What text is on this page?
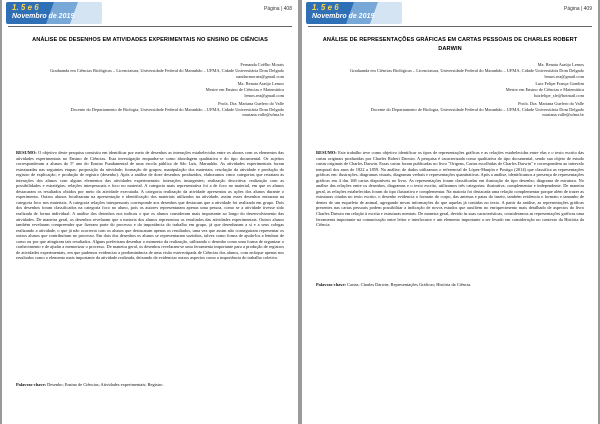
1. 5 e 6
Novembro de 2019
Página | 408
ANÁLISE DE DESENHOS EM ATIVIDADES EXPERIMENTAIS NO ENSINO DE CIÊNCIAS
Fernanda Coêlho Morais
Graduanda em Ciências Biológicas – Licenciatura, Universidade Federal do Maranhão – UFMA, Cidade Universitária Dom Delgado
nandacmoraes@gmail.com
Ma. Renata Araújo Lemos
Mestre em Ensino de Ciências e Matemática
lemos.rea@gmail.com
Profa. Dra. Mariana Guelero do Valle
Docente do Departamento de Biologia, Universidade Federal do Maranhão – UFMA, Cidade Universitária Dom Delgado
mariana.valle@ufma.br
RESUMO: O objetivo deste pesquisa consistiu em identificar por meio de desenhos as interações estabelecidas entre os alunos com os elementos das atividades experimentais no Ensino de Ciências. Esta investigação enquadra-se como abordagem qualitativa e do tipo documental. Os sujeitos corresponderam a alunos do 5º ano do Ensino Fundamental de uma escola pública de São Luís, Maranhão. As atividades experimentais foram estruturadas nas seguintes etapas: proposição da atividade; formação de grupos; manipulação dos materiais; resolução da atividade e produção do registro de explicação; e produção de registro (desenho). Após a análise de doze desenhos produzidos, elaboramos cinco categorias que retratam as interações dos alunos com alguns elementos das atividades experimentais: interações insurgentes; realização descritiva; realização com as possibilidades e estratégias; relações interpessoais e foco no material. A categoria mais representativa foi a de foco no material, em que os alunos destacaram os resultados obtidos por meio da atividade executada. A categoria realização da atividade apresentou as ações dos alunos durante o experimento. Outros alunos focalizaram na apresentação e identificação dos materiais utilizados na atividade, assim esses desenhos entraram na categoria foco nos materiais. A categoria relações interpessoais corresponde aos desenhos que destacam que a atividade foi realizada em grupo. Dois dos desenhos foram classificados na categoria foco no aluno, pois os autores representaram apenas uma pessoa, como se a atividade tivesse sido realizada de forma individual. A análise dos desenhos nos indicou o que os alunos consideram mais importante ao longo do desenvolvimento das atividades. De maneira geral, os desenhos revelaram que a maioria dos alunos representou os resultados das atividades experimentais. Outros alunos também revelaram compreender que fizeram parte do processo e da importância do trabalho em grupo, já que desenharam a si e a seus colegas realizando a atividade, o que já não ocorreria com os alunos que destacaram apenas os resultados, uma vez que assim não conseguiram representar os outros alunos que contribuíram no processo. Em dois dos desenhos os alunos se representaram sozinhos, talvez como forma de ajuda-los a lembrar de como ou por que atingiram tais resultados. Alguns preferiram desenhar o momento da realização, utilizando o desenho como uma forma de organizar o conhecimento e de ajudar a memorizar o processo. De maneira geral, os desenhos revelaram-se uma ferramenta importante para a produção de registros de atividades experimentais, em que pudemos evidenciar a predominância de uma visão estereotipada de Ciências dos alunos, com enfoque apenas nos resultados como o elemento mais importante da atividade realizada, deixando de evidenciar outros aspectos como a importância do trabalho coletivo.
Palavras-chave: Desenho; Ensino de Ciências; Atividades experimentais; Registro.
1. 5 e 6
Novembro de 2019
Página | 409
ANÁLISE DE REPRESENTAÇÕES GRÁFICAS EM CARTAS PESSOAIS DE CHARLES ROBERT DARWIN
Ma. Renata Araújo Lemos
Graduanda em Ciências Biológicas – Licenciatura, Universidade Federal do Maranhão – UFMA, Cidade Universitária Dom Delgado
lemos.rea@gmail.com
Luiz Felipe França Gondim
Mestre em Ensino de Ciências e Matemática
luizfelipe_sfe@hotmail.com
Profa. Dra. Mariana Guelero do Valle
Docente do Departamento de Biologia, Universidade Federal do Maranhão – UFMA, Cidade Universitária Dom Delgado
mariana.valle@ufma.br
RESUMO: Este trabalho teve como objetivo identificar os tipos de representações gráficas e as relações estabelecidas entre elas e o texto escrito das cartas originais produzidas por Charles Robert Darwin. A pesquisa é caracterizada como qualitativa do tipo documental, sendo sua objeto de estudo cartas originais de Charles Darwin. Essas cartas foram publicadas no livro "Origens, Cartas escolhidas de Charles Darwin" e correspondem ao intervalo temporal dos anos de 1822 a 1859. Na análise, de dados utilizamos o referencial de López-Manjón e Postigo (2014) que classifica as representações gráficas em: ilustrações, diagramas visuais, diagramas verbais e representações quantitativas. Após a análise, identificamos a presença de representações gráficas em 4 das 168 cartas disponíveis no livro. As representações foram classificadas em ilustração do tipo desenho; diagrama de estrutura. No análise das relações entre os desenhos, diagramas e o texto escrito, utilizamos três categorias: ilustrativa, complementar e independente. De maneira geral, as relações estabelecidas foram do tipo ilustrativa e complementar. Na maioria foi destacada uma relação complementar porque além de trazer as estruturas citadas no texto escrito, o desenho evidencia o formato do corpo, das antenas e patas do inseto, também evidencia o formato e tamanho de dentes de um esqueleto de animal, agregando novas informações do que aquelas já contidas no texto. A partir da análise, as representações gráficas presentes nas cartas pessoais podem possibilitar a indicação de novos estudos que auxiliem no enriquecimento mais detalhado de aspectos do livro Charles Darwin em relação à escrita e estruturas mentais. De maneira geral, devido às suas características, consideramos as representações gráficas uma ferramenta importante na comunicação entre leitor e interlocutor e um elemento importante a ser levado em consideração no contexto da História da Ciência.
Palavras-chave: Cartas; Charles Darwin; Representações Gráficas; História da Ciência.
